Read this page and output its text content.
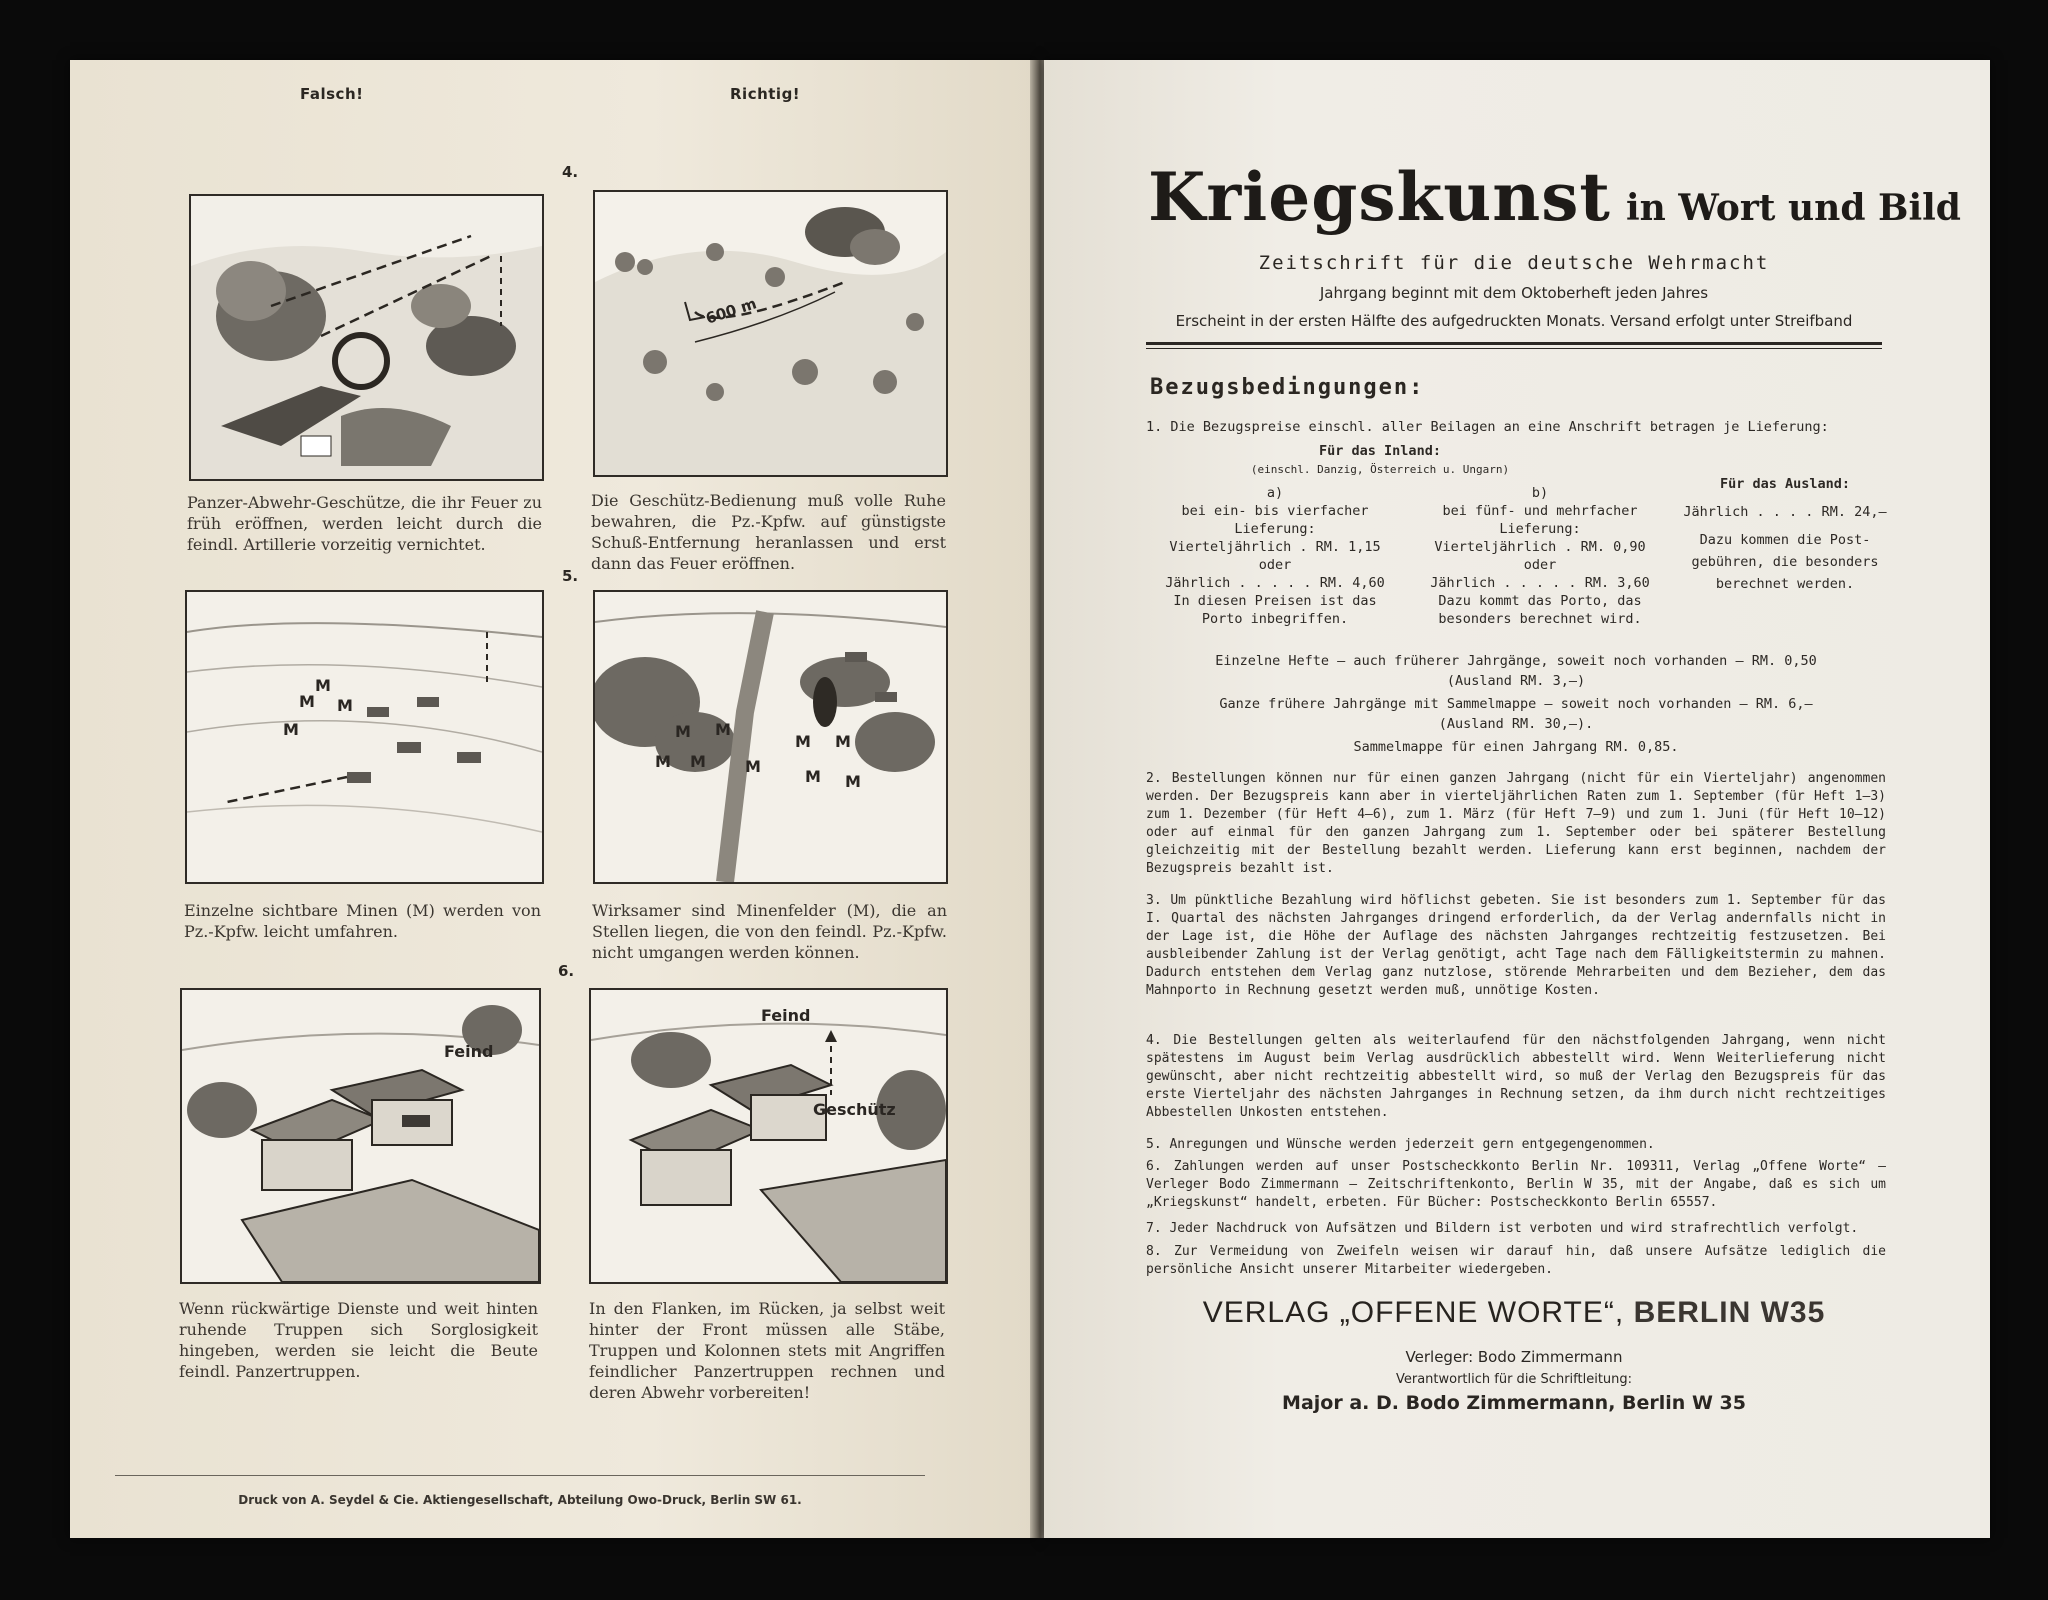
Falsch!	Richtig!
4.
5.
6.
600 m
Panzer-Abwehr-Geschütze, die ihr Feuer zu früh eröffnen, werden leicht durch die feindl. Artillerie vorzeitig vernichtet.
Die Geschütz-Bedienung muß volle Ruhe bewahren, die Pz.-Kpfw. auf günstigste Schuß-Entfernung heranlassen und erst dann das Feuer eröffnen.
M
M
M
M
M M
M M M
M M
M M
Einzelne sichtbare Minen (M) werden von Pz.-Kpfw. leicht umfahren.
Wirksamer sind Minenfelder (M), die an Stellen liegen, die von den feindl. Pz.-Kpfw. nicht umgangen werden können.
Feind
Feind
Geschütz
Wenn rückwärtige Dienste und weit hinten ruhende Truppen sich Sorglosigkeit hingeben, werden sie leicht die Beute feindl. Panzertruppen.
In den Flanken, im Rücken, ja selbst weit hinter der Front müssen alle Stäbe, Truppen und Kolonnen stets mit Angriffen feindlicher Panzertruppen rechnen und deren Abwehr vorbereiten!
Druck von A. Seydel & Cie. Aktiengesellschaft, Abteilung Owo-Druck, Berlin SW 61.
Kriegskunst in Wort und Bild
Zeitschrift für die deutsche Wehrmacht
Jahrgang beginnt mit dem Oktoberheft jeden Jahres
Erscheint in der ersten Hälfte des aufgedruckten Monats. Versand erfolgt unter Streifband
Bezugsbedingungen:
1. Die Bezugspreise einschl. aller Beilagen an eine Anschrift betragen je Lieferung:
Für das Inland:
(einschl. Danzig, Österreich u. Ungarn)
a)
bei ein- bis vierfacher
Lieferung:
Vierteljährlich . RM. 1,15
oder
Jährlich . . . . . RM. 4,60
In diesen Preisen ist das
Porto inbegriffen.
b)
bei fünf- und mehrfacher
Lieferung:
Vierteljährlich . RM. 0,90
oder
Jährlich . . . . . RM. 3,60
Dazu kommt das Porto, das
besonders berechnet wird.
Für das Ausland:
Jährlich . . . . RM. 24,—
Dazu kommen die Post-
gebühren, die besonders
berechnet werden.
Einzelne Hefte — auch früherer Jahrgänge, soweit noch vorhanden — RM. 0,50
(Ausland RM. 3,—)
Ganze frühere Jahrgänge mit Sammelmappe — soweit noch vorhanden — RM. 6,—
(Ausland RM. 30,—).
Sammelmappe für einen Jahrgang RM. 0,85.
2. Bestellungen können nur für einen ganzen Jahrgang (nicht für ein Vierteljahr) angenommen werden. Der Bezugspreis kann aber in vierteljährlichen Raten zum 1. September (für Heft 1—3) zum 1. Dezember (für Heft 4—6), zum 1. März (für Heft 7—9) und zum 1. Juni (für Heft 10—12) oder auf einmal für den ganzen Jahrgang zum 1. September oder bei späterer Bestellung gleichzeitig mit der Bestellung bezahlt werden. Lieferung kann erst beginnen, nachdem der Bezugspreis bezahlt ist.
3. Um pünktliche Bezahlung wird höflichst gebeten. Sie ist besonders zum 1. September für das I. Quartal des nächsten Jahrganges dringend erforderlich, da der Verlag andernfalls nicht in der Lage ist, die Höhe der Auflage des nächsten Jahrganges rechtzeitig festzusetzen. Bei ausbleibender Zahlung ist der Verlag genötigt, acht Tage nach dem Fälligkeitstermin zu mahnen. Dadurch entstehen dem Verlag ganz nutzlose, störende Mehrarbeiten und dem Bezieher, dem das Mahnporto in Rechnung gesetzt werden muß, unnötige Kosten.
4. Die Bestellungen gelten als weiterlaufend für den nächstfolgenden Jahrgang, wenn nicht spätestens im August beim Verlag ausdrücklich abbestellt wird. Wenn Weiterlieferung nicht gewünscht, aber nicht rechtzeitig abbestellt wird, so muß der Verlag den Bezugspreis für das erste Vierteljahr des nächsten Jahrganges in Rechnung setzen, da ihm durch nicht rechtzeitiges Abbestellen Unkosten entstehen.
5. Anregungen und Wünsche werden jederzeit gern entgegengenommen.
6. Zahlungen werden auf unser Postscheckkonto Berlin Nr. 109311, Verlag „Offene Worte“ — Verleger Bodo Zimmermann — Zeitschriftenkonto, Berlin W 35, mit der Angabe, daß es sich um „Kriegskunst“ handelt, erbeten. Für Bücher: Postscheckkonto Berlin 65557.
7. Jeder Nachdruck von Aufsätzen und Bildern ist verboten und wird strafrechtlich verfolgt.
8. Zur Vermeidung von Zweifeln weisen wir darauf hin, daß unsere Aufsätze lediglich die persönliche Ansicht unserer Mitarbeiter wiedergeben.
VERLAG „OFFENE WORTE“, BERLIN W35
Verleger: Bodo Zimmermann
Verantwortlich für die Schriftleitung:
Major a. D. Bodo Zimmermann, Berlin W 35
